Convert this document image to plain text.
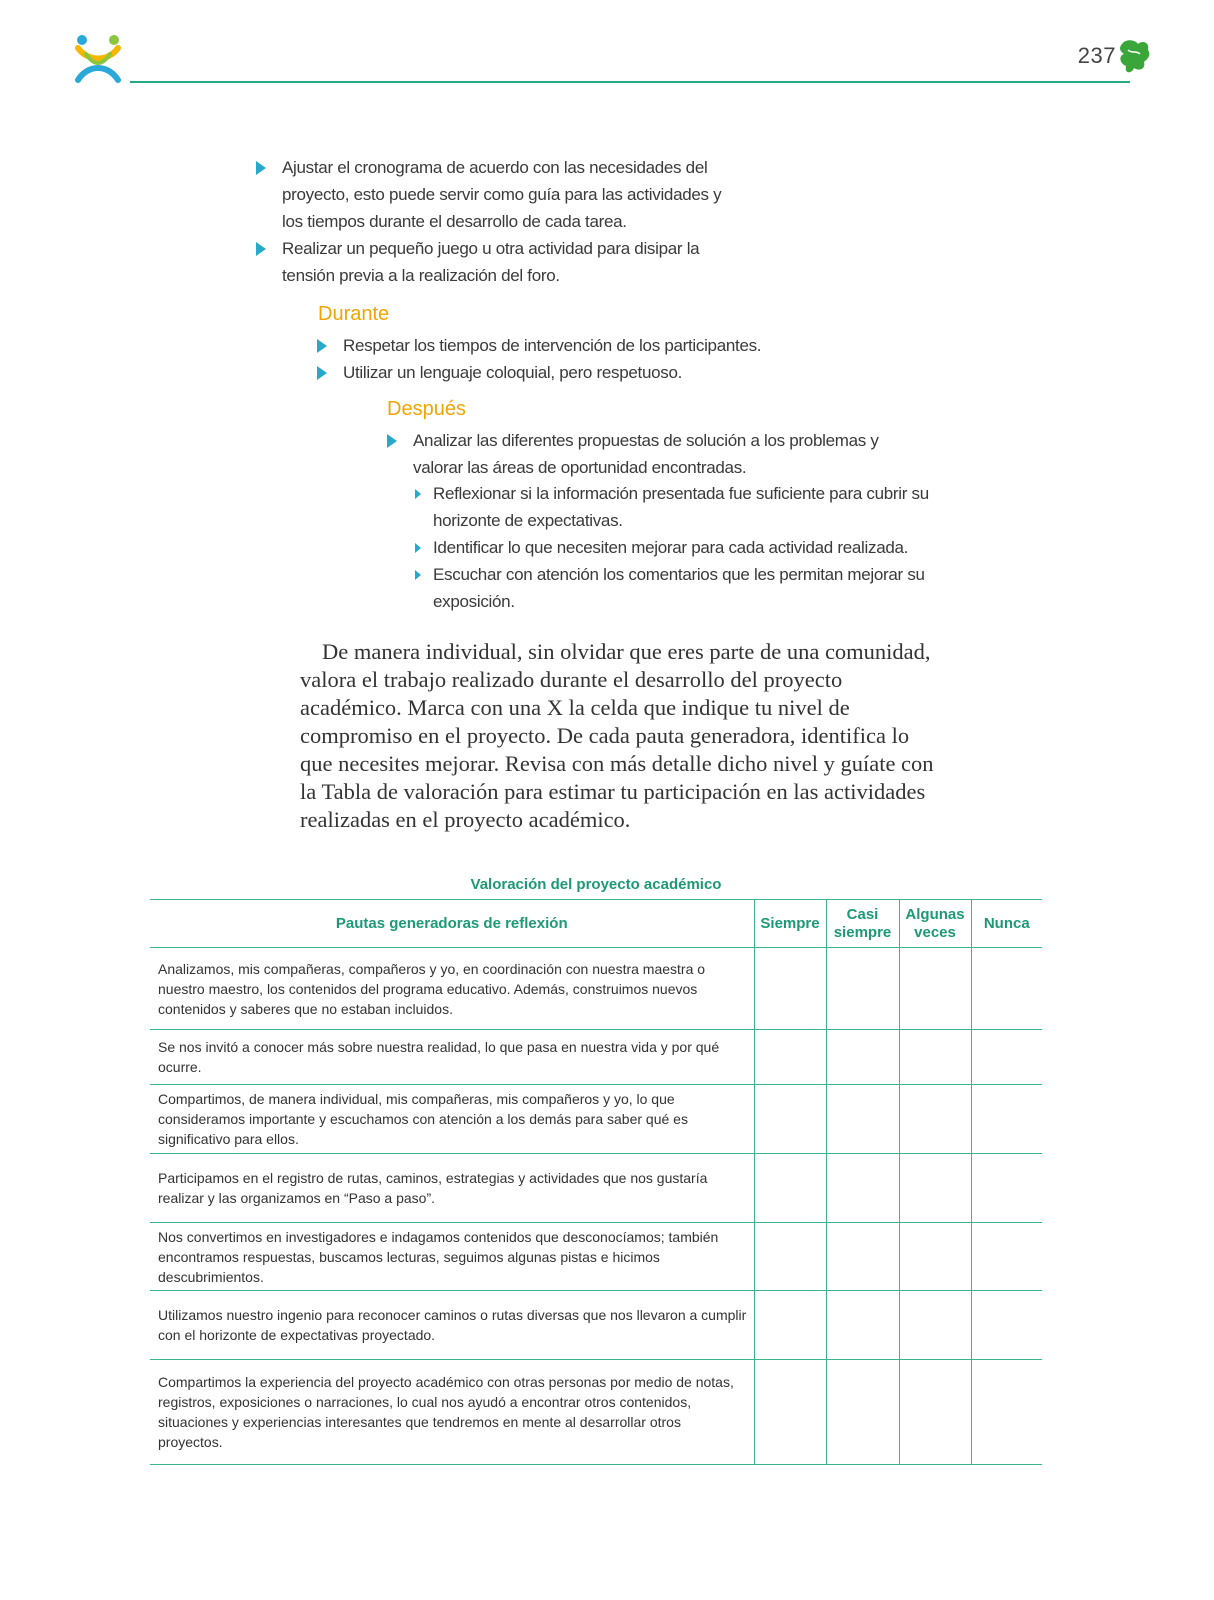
237
Ajustar el cronograma de acuerdo con las necesidades del proyecto, esto puede servir como guía para las actividades y los tiempos durante el desarrollo de cada tarea.
Realizar un pequeño juego u otra actividad para disipar la tensión previa a la realización del foro.
Durante
Respetar los tiempos de intervención de los participantes.
Utilizar un lenguaje coloquial, pero respetuoso.
Después
Analizar las diferentes propuestas de solución a los problemas y valorar las áreas de oportunidad encontradas.
Reflexionar si la información presentada fue suficiente para cubrir su horizonte de expectativas.
Identificar lo que necesiten mejorar para cada actividad realizada.
Escuchar con atención los comentarios que les permitan mejorar su exposición.

De manera individual, sin olvidar que eres parte de una comunidad, valora el trabajo realizado durante el desarrollo del proyecto académico. Marca con una X la celda que indique tu nivel de compromiso en el proyecto. De cada pauta generadora, identifica lo que necesites mejorar. Revisa con más detalle dicho nivel y guíate con la Tabla de valoración para estimar tu participación en las actividades realizadas en el proyecto académico.

Valoración del proyecto académico
Pautas generadoras de reflexión	Siempre	Casi siempre	Algunas veces	Nunca
Analizamos, mis compañeras, compañeros y yo, en coordinación con nuestra maestra o nuestro maestro, los contenidos del programa educativo. Además, construimos nuevos contenidos y saberes que no estaban incluidos.				
Se nos invitó a conocer más sobre nuestra realidad, lo que pasa en nuestra vida y por qué ocurre.				
Compartimos, de manera individual, mis compañeras, mis compañeros y yo, lo que consideramos importante y escuchamos con atención a los demás para saber qué es significativo para ellos.				
Participamos en el registro de rutas, caminos, estrategias y actividades que nos gustaría realizar y las organizamos en “Paso a paso”.				
Nos convertimos en investigadores e indagamos contenidos que desconocíamos; también encontramos respuestas, buscamos lecturas, seguimos algunas pistas e hicimos descubrimientos.				
Utilizamos nuestro ingenio para reconocer caminos o rutas diversas que nos llevaron a cumplir con el horizonte de expectativas proyectado.				
Compartimos la experiencia del proyecto académico con otras personas por medio de notas, registros, exposiciones o narraciones, lo cual nos ayudó a encontrar otros contenidos, situaciones y experiencias interesantes que tendremos en mente al desarrollar otros proyectos.				
